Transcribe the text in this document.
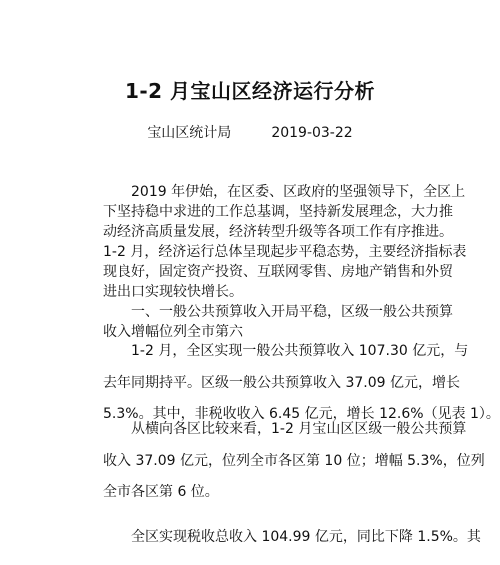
1-2 月宝山区经济运行分析

宝山区统计局	2019-03-22

　　2019 年伊始，在区委、区政府的坚强领导下，全区上
下坚持稳中求进的工作总基调，坚持新发展理念，大力推
动经济高质量发展，经济转型升级等各项工作有序推进。
1-2 月，经济运行总体呈现起步平稳态势，主要经济指标表
现良好，固定资产投资、互联网零售、房地产销售和外贸
进出口实现较快增长。

　　一、一般公共预算收入开局平稳，区级一般公共预算
收入增幅位列全市第六

　　1-2 月，全区实现一般公共预算收入 107.30 亿元，与
去年同期持平。区级一般公共预算收入 37.09 亿元，增长
5.3%。其中，非税收收入 6.45 亿元，增长 12.6%（见表 1）。

　　从横向各区比较来看，1-2 月宝山区区级一般公共预算
收入 37.09 亿元，位列全市各区第 10 位；增幅 5.3%，位列
全市各区第 6 位。

　　全区实现税收总收入 104.99 亿元，同比下降 1.5%。其
